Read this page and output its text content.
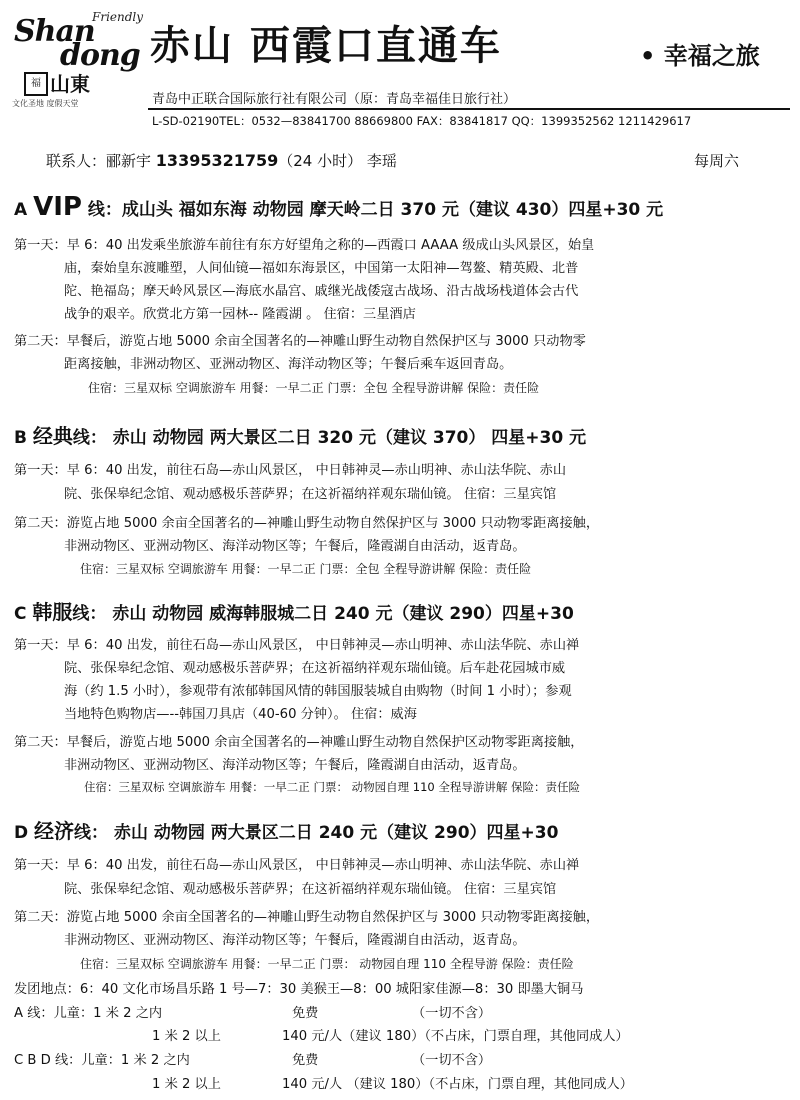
Friendly
Shan
dong
福 山東
文化圣地 度假天堂
赤山 西霞口直通车	• 幸福之旅
青岛中正联合国际旅行社有限公司（原：青岛幸福佳日旅行社）
L-SD-02190TEL：0532—83841700 88669800 FAX：83841817 QQ：1399352562 1211429617
联系人：郦新宇 13395321759（24 小时） 李瑶	每周六
A VIP 线：成山头 福如东海 动物园 摩天岭二日 370 元（建议 430）四星+30 元
第一天：早 6：40 出发乘坐旅游车前往有东方好望角之称的—西霞口 AAAA 级成山头风景区，始皇
庙，秦始皇东渡雕塑，人间仙镜—福如东海景区，中国第一太阳神—驾鳌、精英殿、北普
陀、艳福岛；摩天岭风景区—海底水晶宫、戚继光战倭寇古战场、沿古战场栈道体会古代
战争的艰辛。欣赏北方第一园林-- 隆霞湖 。 住宿：三星酒店
第二天：早餐后，游览占地 5000 余亩全国著名的—神雕山野生动物自然保护区与 3000 只动物零
距离接触，非洲动物区、亚洲动物区、海洋动物区等；午餐后乘车返回青岛。
住宿：三星双标 空调旅游车 用餐：一早二正 门票：全包 全程导游讲解 保险：责任险
B 经典线： 赤山 动物园 两大景区二日 320 元（建议 370） 四星+30 元
第一天：早 6：40 出发，前往石岛—赤山风景区， 中日韩神灵—赤山明神、赤山法华院、赤山
院、张保皋纪念馆、观动感极乐菩萨界；在这祈福纳祥观东瑞仙镜。 住宿：三星宾馆
第二天：游览占地 5000 余亩全国著名的—神雕山野生动物自然保护区与 3000 只动物零距离接触，
非洲动物区、亚洲动物区、海洋动物区等；午餐后，隆霞湖自由活动，返青岛。
住宿：三星双标 空调旅游车 用餐：一早二正 门票：全包 全程导游讲解 保险：责任险
C 韩服线： 赤山 动物园 威海韩服城二日 240 元（建议 290）四星+30
第一天：早 6：40 出发，前往石岛—赤山风景区， 中日韩神灵—赤山明神、赤山法华院、赤山禅
院、张保皋纪念馆、观动感极乐菩萨界；在这祈福纳祥观东瑞仙镜。后车赴花园城市威
海（约 1.5 小时），参观带有浓郁韩国风情的韩国服装城自由购物（时间 1 小时）；参观
当地特色购物店—--韩国刀具店（40-60 分钟）。 住宿：威海
第二天：早餐后，游览占地 5000 余亩全国著名的—神雕山野生动物自然保护区动物零距离接触，
非洲动物区、亚洲动物区、海洋动物区等；午餐后，隆霞湖自由活动，返青岛。
住宿：三星双标 空调旅游车 用餐：一早二正 门票： 动物园自理 110 全程导游讲解 保险：责任险
D 经济线： 赤山 动物园 两大景区二日 240 元（建议 290）四星+30
第一天：早 6：40 出发，前往石岛—赤山风景区， 中日韩神灵—赤山明神、赤山法华院、赤山禅
院、张保皋纪念馆、观动感极乐菩萨界；在这祈福纳祥观东瑞仙镜。 住宿：三星宾馆
第二天：游览占地 5000 余亩全国著名的—神雕山野生动物自然保护区与 3000 只动物零距离接触，
非洲动物区、亚洲动物区、海洋动物区等；午餐后，隆霞湖自由活动，返青岛。
住宿：三星双标 空调旅游车 用餐：一早二正 门票： 动物园自理 110 全程导游 保险：责任险
发团地点：6：40 文化市场昌乐路 1 号—7：30 美猴王—8：00 城阳家佳源—8：30 即墨大铜马
A 线：儿童：1 米 2 之内	免费	（一切不含）
1 米 2 以上	140 元/人（建议 180）（不占床，门票自理，其他同成人）
C B D 线：儿童：1 米 2 之内	免费	（一切不含）
1 米 2 以上	140 元/人 （建议 180）（不占床，门票自理，其他同成人）
